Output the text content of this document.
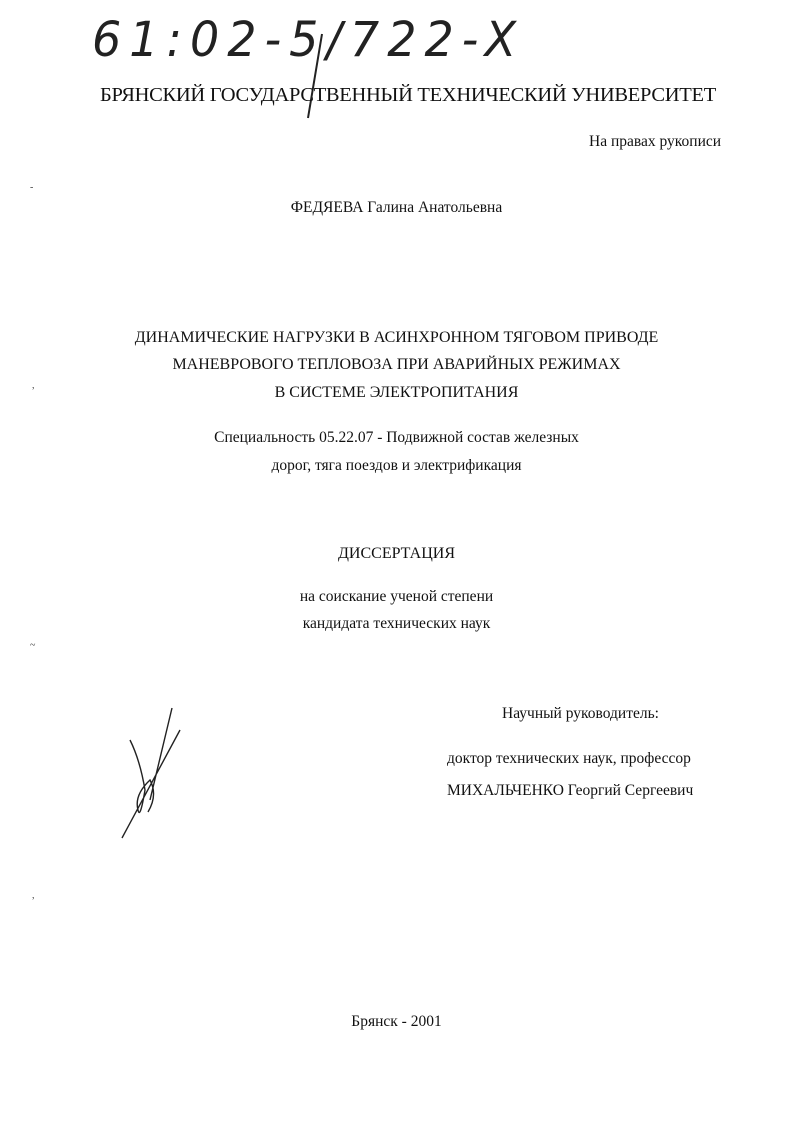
61:02-5/722-X
БРЯНСКИЙ ГОСУДАРСТВЕННЫЙ ТЕХНИЧЕСКИЙ УНИВЕРСИТЕТ
На правах рукописи
ФЕДЯЕВА Галина Анатольевна
ДИНАМИЧЕСКИЕ НАГРУЗКИ В АСИНХРОННОМ ТЯГОВОМ ПРИВОДЕ
МАНЕВРОВОГО ТЕПЛОВОЗА ПРИ АВАРИЙНЫХ РЕЖИМАХ
В СИСТЕМЕ ЭЛЕКТРОПИТАНИЯ
Специальность 05.22.07 - Подвижной состав железных
дорог, тяга поездов и электрификация
ДИССЕРТАЦИЯ
на соискание ученой степени
кандидата технических наук
Научный руководитель:
доктор технических наук, профессор
МИХАЛЬЧЕНКО Георгий Сергеевич
Брянск - 2001
-
,
~
,
